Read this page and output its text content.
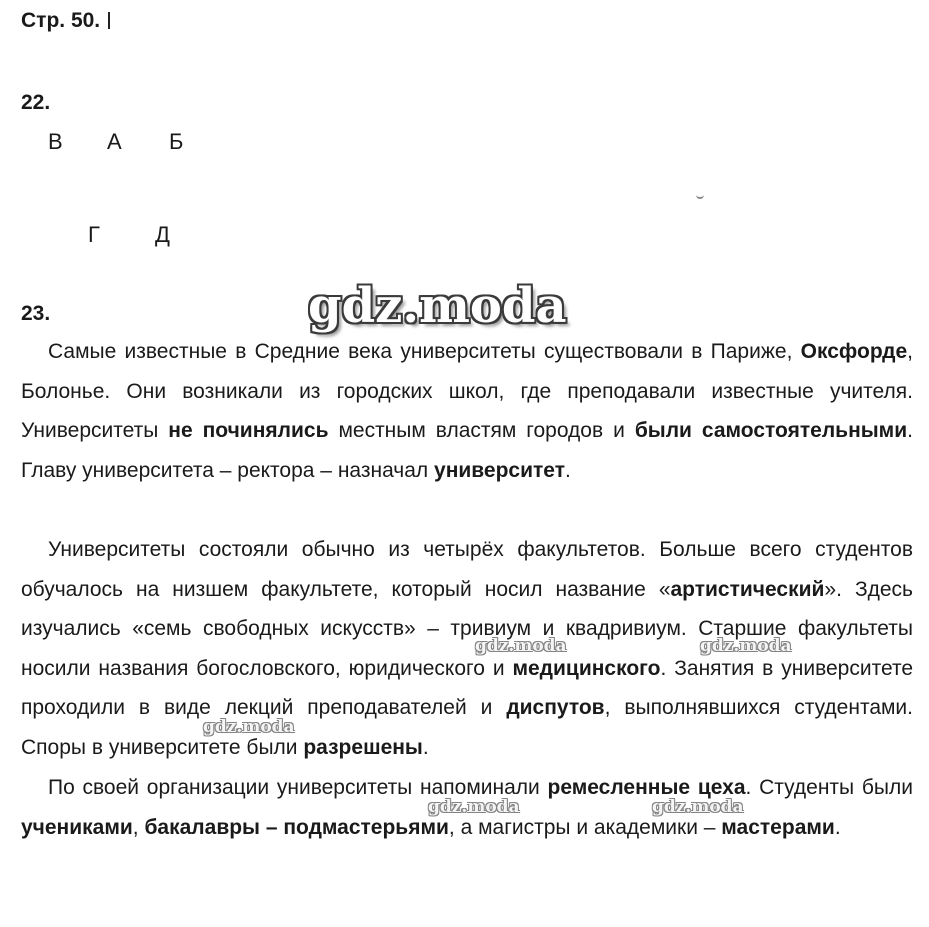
Стр. 50.
22.
В А Б
Г	Д
23.	gdz.moda

Самые известные в Средние века университеты существовали в Париже, Оксфорде, Болонье. Они возникали из городских школ, где преподавали известные учителя. Университеты не починялись местным властям городов и были самостоятельными. Главу университета – ректора – назначал университет.

Университеты состояли обычно из четырёх факультетов. Больше всего студентов обучалось на низшем факультете, который носил название «артистический». Здесь изучались «семь свободных искусств» – тривиум и квадривиум. Старшие факультеты носили названия богословского, юридического и медицинского. Занятия в университете проходили в виде лекций преподавателей и диспутов, выполнявшихся студентами. Споры в университете были разрешены.

По своей организации университеты напоминали ремесленные цеха. Студенты были учениками, бакалавры – подмастерьями, а магистры и академики – мастерами.

gdz.moda	gdz.moda
gdz.moda
gdz.moda	gdz.moda
